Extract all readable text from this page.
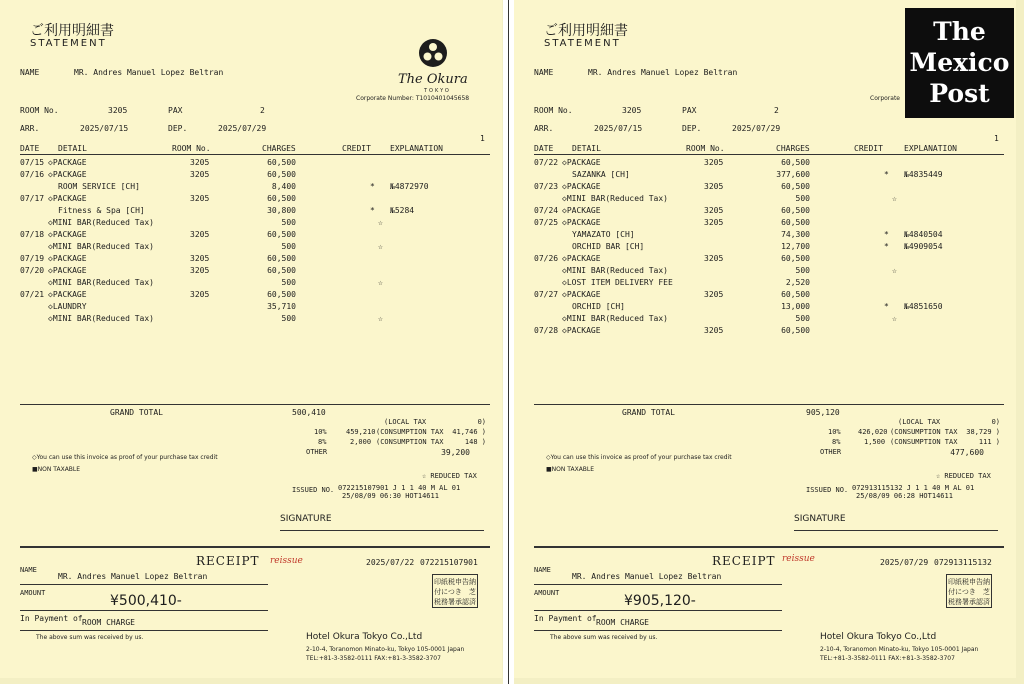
ご利用明細書
STATEMENT
The Okura
TOKYO
Corporate Number: T1010401045658
NAME	MR. Andres Manuel Lopez Beltran
ROOM No.	3205	PAX	2
ARR.	2025/07/15	DEP.	2025/07/29
1
DATE DETAIL	ROOM No.	CHARGES	CREDIT EXPLANATION
07/15 ◇PACKAGE	3205	60,500
07/16 ◇PACKAGE	3205	60,500
ROOM SERVICE [CH]	8,400	* №4872970
07/17 ◇PACKAGE	3205	60,500
Fitness & Spa [CH]	30,800	* №5284
◇MINI BAR(Reduced Tax)	500	☆
07/18 ◇PACKAGE	3205	60,500
◇MINI BAR(Reduced Tax)	500	☆
07/19 ◇PACKAGE	3205	60,500
07/20 ◇PACKAGE	3205	60,500
◇MINI BAR(Reduced Tax)	500	☆
07/21 ◇PACKAGE	3205	60,500
◇LAUNDRY	35,710
◇MINI BAR(Reduced Tax)	500	☆
GRAND TOTAL	500,410
(LOCAL TAX	0)
10%	459,210 (CONSUMPTION TAX	41,746 )
8%	2,000 (CONSUMPTION TAX	148 )
OTHER	39,200
◇You can use this invoice as proof of your purchase tax credit
■NON TAXABLE
☆ REDUCED TAX
ISSUED NO. 072215107901 J 1 1 40 M AL 01
25/08/09 06:30 HOT14611
SIGNATURE
RECEIPT reissue	2025/07/22 072215107901
NAME
MR. Andres Manuel Lopez Beltran
AMOUNT	¥500,410-
In Payment of ROOM CHARGE
The above sum was received by us.
印紙税申告納
付につき　芝
税務署承認済
Hotel Okura Tokyo Co.,Ltd
2-10-4, Toranomon Minato-ku, Tokyo 105-0001 Japan
TEL:+81-3-3582-0111 FAX:+81-3-3582-3707
ご利用明細書
STATEMENT
Corporate
NAME	MR. Andres Manuel Lopez Beltran
ROOM No.	3205	PAX	2
ARR.	2025/07/15	DEP.	2025/07/29
1
DATE DETAIL	ROOM No.	CHARGES	CREDIT	EXPLANATION
07/22 ◇PACKAGE	3205	60,500
SAZANKA [CH]	377,600	* №4835449
07/23 ◇PACKAGE	3205	60,500
◇MINI BAR(Reduced Tax)	500	☆
07/24 ◇PACKAGE	3205	60,500
07/25 ◇PACKAGE	3205	60,500
YAMAZATO [CH]	74,300	* №4840504
ORCHID BAR [CH]	12,700	* №4909054
07/26 ◇PACKAGE	3205	60,500
◇MINI BAR(Reduced Tax)	500	☆
◇LOST ITEM DELIVERY FEE	2,520
07/27 ◇PACKAGE	3205	60,500
ORCHID [CH]	13,000	* №4851650
◇MINI BAR(Reduced Tax)	500	☆
07/28 ◇PACKAGE	3205	60,500
GRAND TOTAL	905,120
(LOCAL TAX	0)
10% 426,020 (CONSUMPTION TAX	38,729 )
8%	1,500 (CONSUMPTION TAX	111 )
OTHER	477,600
◇You can use this invoice as proof of your purchase tax credit
■NON TAXABLE
☆ REDUCED TAX
ISSUED NO. 072913115132 J 1 1 40 M AL 01
25/08/09 06:28 HOT14611
SIGNATURE
RECEIPT reissue	2025/07/29 072913115132
NAME
MR. Andres Manuel Lopez Beltran
AMOUNT	¥905,120-
In Payment of ROOM CHARGE
The above sum was received by us.
印紙税申告納
付につき　芝
税務署承認済
Hotel Okura Tokyo Co.,Ltd
2-10-4, Toranomon Minato-ku, Tokyo 105-0001 Japan
TEL:+81-3-3582-0111 FAX:+81-3-3582-3707
The
Mexico
Post
